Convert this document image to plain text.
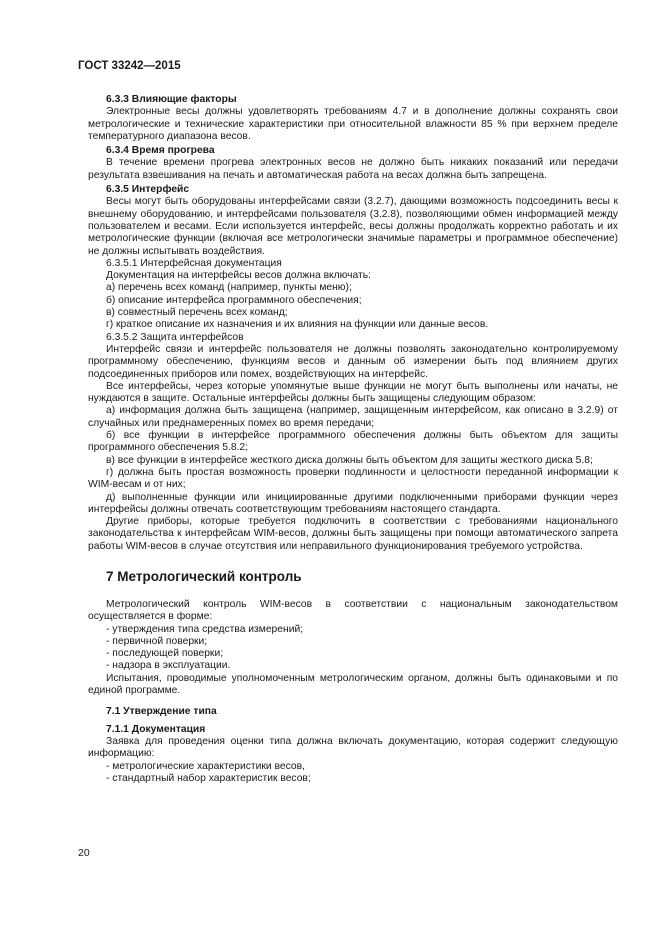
ГОСТ 33242—2015

6.3.3 Влияющие факторы

Электронные весы должны удовлетворять требованиям 4.7 и в дополнение должны сохранять свои метрологические и технические характеристики при относительной влажности 85 % при верхнем пределе температурного диапазона весов.

6.3.4 Время прогрева

В течение времени прогрева электронных весов не должно быть никаких показаний или передачи результата взвешивания на печать и автоматическая работа на весах должна быть запрещена.

6.3.5 Интерфейс

Весы могут быть оборудованы интерфейсами связи (3.2.7), дающими возможность подсоединить весы к внешнему оборудованию, и интерфейсами пользователя (3.2.8), позволяющими обмен информацией между пользователем и весами. Если используется интерфейс, весы должны продолжать корректно работать и их метрологические функции (включая все метрологически значимые параметры и программное обеспечение) не должны испытывать воздействия.

6.3.5.1 Интерфейсная документация

Документация на интерфейсы весов должна включать:

а) перечень всех команд (например, пункты меню);

б) описание интерфейса программного обеспечения;

в) совместный перечень всех команд;

г) краткое описание их назначения и их влияния на функции или данные весов.

6.3.5.2 Защита интерфейсов

Интерфейс связи и интерфейс пользователя не должны позволять законодательно контролируемому программному обеспечению, функциям весов и данным об измерении быть под влиянием других подсоединенных приборов или помех, воздействующих на интерфейс.

Все интерфейсы, через которые упомянутые выше функции не могут быть выполнены или начаты, не нуждаются в защите. Остальные интерфейсы должны быть защищены следующим образом:

а) информация должна быть защищена (например, защищенным интерфейсом, как описано в 3.2.9) от случайных или преднамеренных помех во время передачи;

б) все функции в интерфейсе программного обеспечения должны быть объектом для защиты программного обеспечения 5.8.2;

в) все функции в интерфейсе жесткого диска должны быть объектом для защиты жесткого диска 5.8;

г) должна быть простая возможность проверки подлинности и целостности переданной информации к WIM-весам и от них;

д) выполненные функции или инициированные другими подключенными приборами функции через интерфейсы должны отвечать соответствующим требованиям настоящего стандарта.

Другие приборы, которые требуется подключить в соответствии с требованиями национального законодательства к интерфейсам WIM-весов, должны быть защищены при помощи автоматического запрета работы WIM-весов в случае отсутствия или неправильного функционирования требуемого устройства.

7 Метрологический контроль

Метрологический контроль WIM-весов в соответствии с национальным законодательством осуществляется в форме:

- утверждения типа средства измерений;

- первичной поверки;

- последующей поверки;

- надзора в эксплуатации.

Испытания, проводимые уполномоченным метрологическим органом, должны быть одинаковыми и по единой программе.

7.1 Утверждение типа

7.1.1 Документация

Заявка для проведения оценки типа должна включать документацию, которая содержит следующую информацию:

- метрологические характеристики весов,

- стандартный набор характеристик весов;

20
